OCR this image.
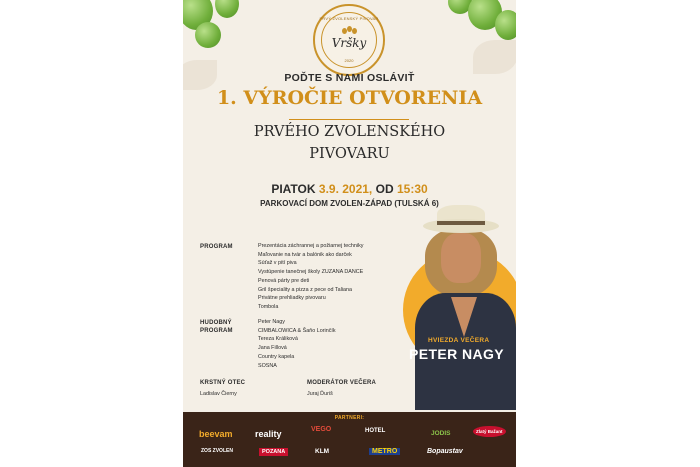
PRVÝ ZVOLENSKÝ PIVOVAR
Vršky
2020
POĎTE S NAMI OSLÁVIŤ
1. VÝROČIE OTVORENIA
PRVÉHO ZVOLENSKÉHO
PIVOVARU
PIATOK 3.9. 2021, OD 15:30
PARKOVACÍ DOM ZVOLEN-ZÁPAD (TULSKÁ 6)
PROGRAM	Prezentácia záchrannej a požiarnej techniky
Maľovanie na tvár a balónik ako darček
Súťaž v pití piva
Vystúpenie tanečnej školy ZUZANA DANCE
Penová párty pre deti
Gril špeciality a pizza z pece od Taliana
Privátne prehliadky pivovaru
Tombola
HUDOBNÝ
PROGRAM
Peter Nagy
CIMBALOWICA & Šaňo Lorinčík
Tereza Králiková
Jana Fillová
Country kapela
SOSNA
KRSTNÝ OTEC
Ladislav Čierny
MODERÁTOR VEČERA
Juraj Ďuriš
HVIEZDA VEČERA
PETER NAGY
PARTNERI:
beevam reality	VEGO	HOTEL	JODIS	Zlatý Bažant
ZOS ZVOLEN	POZANA	KLM	METRO	Bopaustav
